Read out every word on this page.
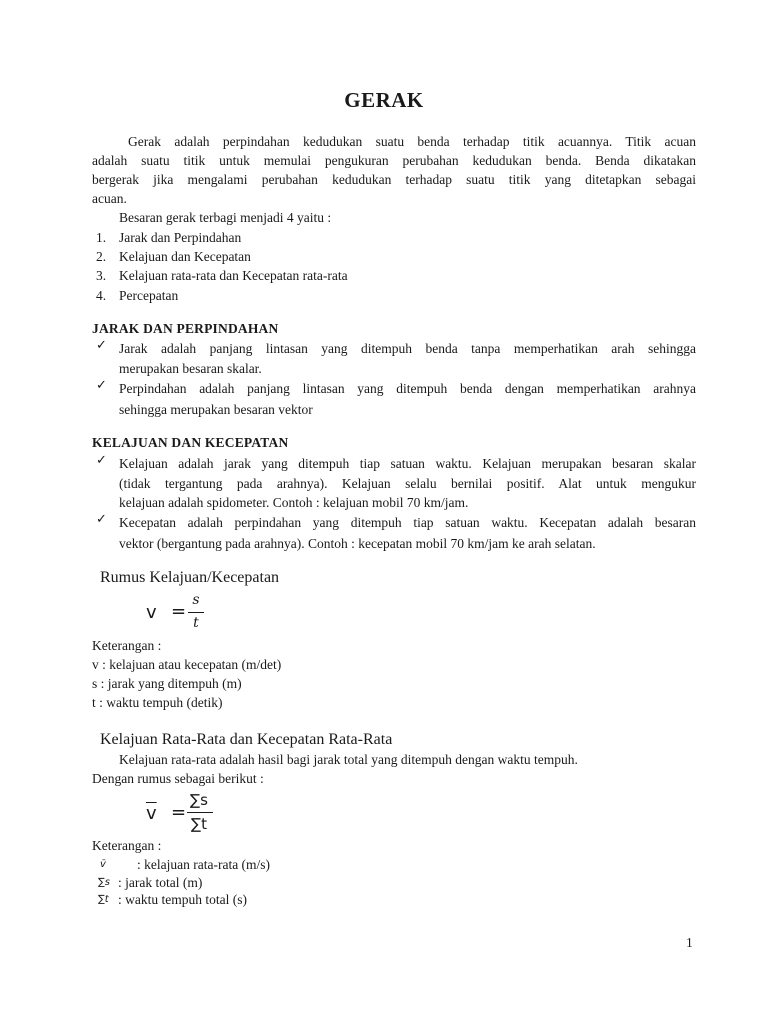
GERAK
Gerak adalah perpindahan kedudukan suatu benda terhadap titik acuannya. Titik acuan
adalah suatu titik untuk memulai pengukuran perubahan kedudukan benda. Benda dikatakan
bergerak jika mengalami perubahan kedudukan terhadap suatu titik yang ditetapkan sebagai
acuan.
Besaran gerak terbagi menjadi 4 yaitu :
1. Jarak dan Perpindahan
2. Kelajuan dan Kecepatan
3. Kelajuan rata-rata dan Kecepatan rata-rata
4. Percepatan
JARAK DAN PERPINDAHAN
✓ Jarak adalah panjang lintasan yang ditempuh benda tanpa memperhatikan arah sehingga
merupakan besaran skalar.
✓ Perpindahan adalah panjang lintasan yang ditempuh benda dengan memperhatikan arahnya
sehingga merupakan besaran vektor
KELAJUAN DAN KECEPATAN
✓ Kelajuan adalah jarak yang ditempuh tiap satuan waktu. Kelajuan merupakan besaran skalar
(tidak tergantung pada arahnya). Kelajuan selalu bernilai positif. Alat untuk mengukur
kelajuan adalah spidometer. Contoh : kelajuan mobil 70 km/jam.
✓ Kecepatan adalah perpindahan yang ditempuh tiap satuan waktu. Kecepatan adalah besaran
vektor (bergantung pada arahnya). Contoh : kecepatan mobil 70 km/jam ke arah selatan.
Rumus Kelajuan/Kecepatan
v =
s
t
Keterangan :
v : kelajuan atau kecepatan (m/det)
s : jarak yang ditempuh (m)
t : waktu tempuh (detik)
Kelajuan Rata-Rata dan Kecepatan Rata-Rata
Kelajuan rata-rata adalah hasil bagi jarak total yang ditempuh dengan waktu tempuh.
Dengan rumus sebagai berikut :
$\overline{v}$ =
∑s
∑t
Keterangan :
v̄ : kelajuan rata-rata (m/s)
∑s : jarak total (m)
∑t : waktu tempuh total (s)
1
